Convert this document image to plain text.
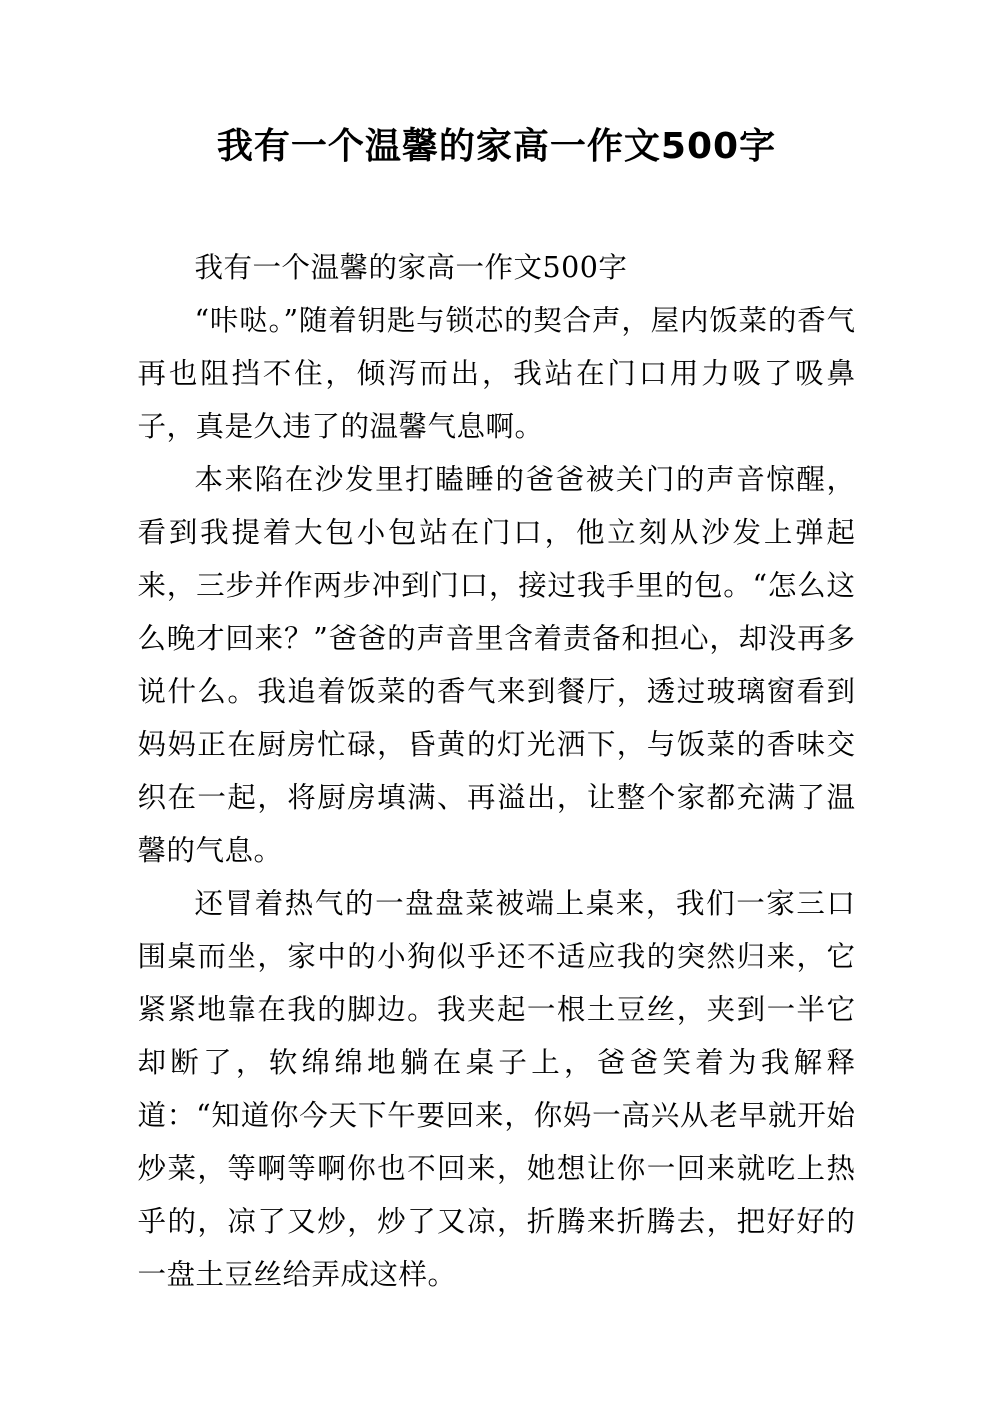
我有一个温馨的家高一作文500字

我有一个温馨的家高一作文500字

“咔哒。”随着钥匙与锁芯的契合声，屋内饭菜的香气再也阻挡不住，倾泻而出，我站在门口用力吸了吸鼻子，真是久违了的温馨气息啊。

本来陷在沙发里打瞌睡的爸爸被关门的声音惊醒，看到我提着大包小包站在门口，他立刻从沙发上弹起来，三步并作两步冲到门口，接过我手里的包。“怎么这么晚才回来？”爸爸的声音里含着责备和担心，却没再多说什么。我追着饭菜的香气来到餐厅，透过玻璃窗看到妈妈正在厨房忙碌，昏黄的灯光洒下，与饭菜的香味交织在一起，将厨房填满、再溢出，让整个家都充满了温馨的气息。

还冒着热气的一盘盘菜被端上桌来，我们一家三口围桌而坐，家中的小狗似乎还不适应我的突然归来，它紧紧地靠在我的脚边。我夹起一根土豆丝，夹到一半它却断了，软绵绵地躺在桌子上，爸爸笑着为我解释道：“知道你今天下午要回来，你妈一高兴从老早就开始炒菜，等啊等啊你也不回来，她想让你一回来就吃上热乎的，凉了又炒，炒了又凉，折腾来折腾去，把好好的一盘土豆丝给弄成这样。
